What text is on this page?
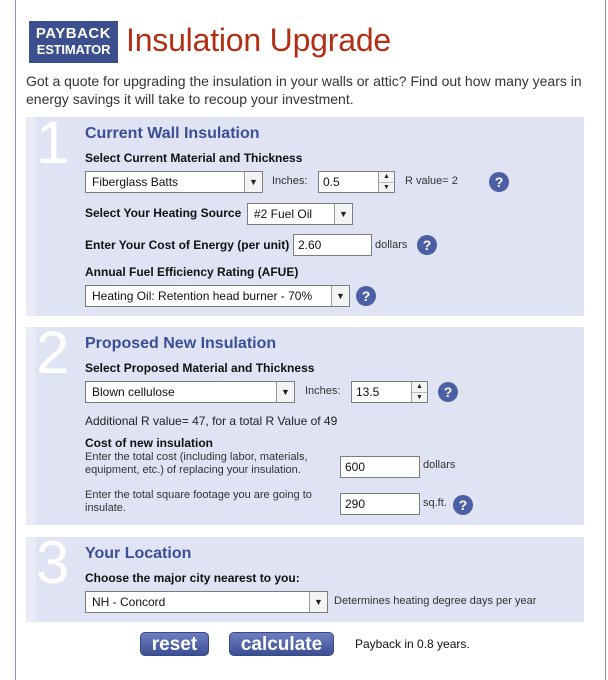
PAYBACK
ESTIMATOR Insulation Upgrade
Got a quote for upgrading the insulation in your walls or attic? Find out how many years in energy savings it will take to recoup your investment.
1 Current Wall Insulation
Select Current Material and Thickness
Fiberglass Batts	▼	Inches:	0.5	▲
▼
R value= 2	?
Select Your Heating Source	#2 Fuel Oil	▼
Enter Your Cost of Energy (per unit) 2.60	dollars	?
Annual Fuel Efficiency Rating (AFUE)
Heating Oil: Retention head burner - 70%	▼	?
2 Proposed New Insulation
Select Proposed Material and Thickness
Blown cellulose	▼	Inches:	13.5	▲
▼	?
Additional R value= 47, for a total R Value of 49
Cost of new insulation
Enter the total cost (including labor, materials, equipment, etc.) of replacing your insulation.	600	dollars
Enter the total square footage you are going to insulate.	290	sq.ft. ?
3 Your Location
Choose the major city nearest to you:
NH - Concord	▼	Determines heating degree days per year
reset	calculate	Payback in 0.8 years.
